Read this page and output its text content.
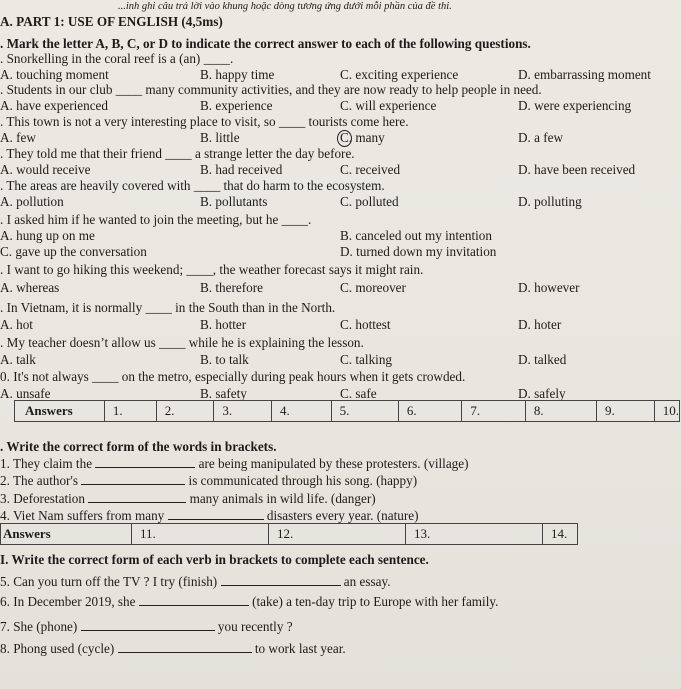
...inh ghi câu trả lời vào khung hoặc dòng tương ứng dưới mỗi phần của đề thi.
A. PART 1: USE OF ENGLISH (4,5ms)
. Mark the letter A, B, C, or D to indicate the correct answer to each of the following questions.
. Snorkelling in the coral reef is a (an) ____.
A. touching moment	B. happy time	C. exciting experience	D. embarrassing moment
. Students in our club ____ many community activities, and they are now ready to help people in need.
A. have experienced	B. experience	C. will experience	D. were experiencing
. This town is not a very interesting place to visit, so ____ tourists come here.
A. few	B. little	C. many	D. a few
. They told me that their friend ____ a strange letter the day before.
A. would receive	B. had received	C. received	D. have been received
. The areas are heavily covered with ____ that do harm to the ecosystem.
A. pollution	B. pollutants	C. polluted	D. polluting
. I asked him if he wanted to join the meeting, but he ____.
A. hung up on me	B. canceled out my intention
C. gave up the conversation	D. turned down my invitation
. I want to go hiking this weekend; ____, the weather forecast says it might rain.
A. whereas	B. therefore	C. moreover	D. however
. In Vietnam, it is normally ____ in the South than in the North.
A. hot	B. hotter	C. hottest	D. hoter
. My teacher doesn’t allow us ____ while he is explaining the lesson.
A. talk	B. to talk	C. talking	D. talked
0. It's not always ____ on the metro, especially during peak hours when it gets crowded.
A. unsafe	B. safety	C. safe	D. safely
Answers	1.	2.	3.	4.	5.	6.	7.	8.	9.	10.
. Write the correct form of the words in brackets.
1. They claim the	are being manipulated by these protesters. (village)
2. The author's	is communicated through his song. (happy)
3. Deforestation	many animals in wild life. (danger)
4. Viet Nam suffers from many	disasters every year. (nature)
Answers	11.	12.	13.	14.
I. Write the correct form of each verb in brackets to complete each sentence.
5. Can you turn off the TV ? I try (finish)	an essay.
6. In December 2019, she	(take) a ten-day trip to Europe with her family.
7. She (phone)	you recently ?
8. Phong used (cycle)	to work last year.
